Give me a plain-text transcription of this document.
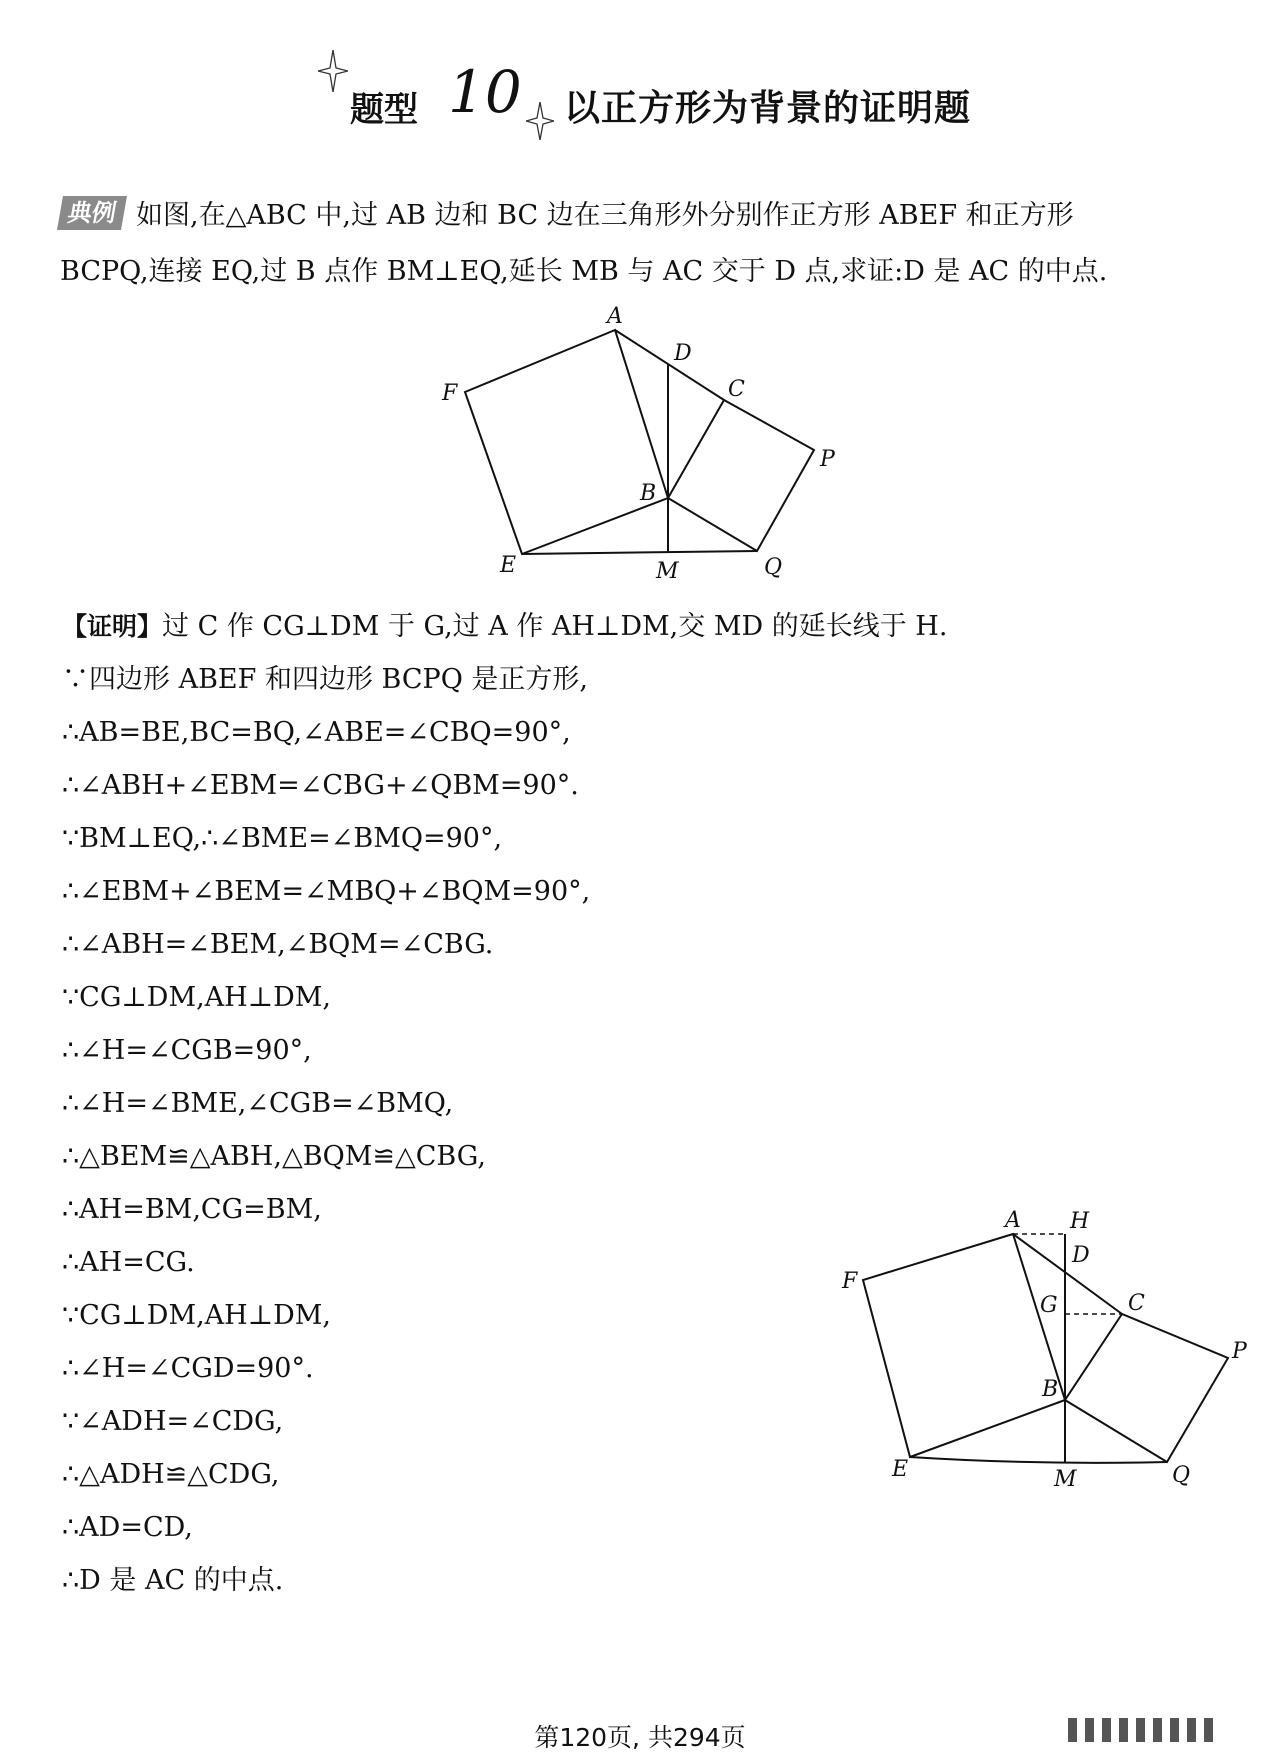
题型 10 以正方形为背景的证明题
典例 如图,在△ABC 中,过 AB 边和 BC 边在三角形外分别作正方形 ABEF 和正方形
BCPQ,连接 EQ,过 B 点作 BM⊥EQ,延长 MB 与 AC 交于 D 点,求证:D 是 AC 的中点.
A
D
C
F
P
B
E	M	Q
【证明】过 C 作 CG⊥DM 于 G,过 A 作 AH⊥DM,交 MD 的延长线于 H.
∵四边形 ABEF 和四边形 BCPQ 是正方形,
∴AB=BE,BC=BQ,∠ABE=∠CBQ=90°,
∴∠ABH+∠EBM=∠CBG+∠QBM=90°.
∵BM⊥EQ,∴∠BME=∠BMQ=90°,
∴∠EBM+∠BEM=∠MBQ+∠BQM=90°,
∴∠ABH=∠BEM,∠BQM=∠CBG.
∵CG⊥DM,AH⊥DM,
∴∠H=∠CGB=90°,
∴∠H=∠BME,∠CGB=∠BMQ,
∴△BEM≌△ABH,△BQM≌△CBG,
∴AH=BM,CG=BM,
∴AH=CG.
∵CG⊥DM,AH⊥DM,
∴∠H=∠CGD=90°.
∵∠ADH=∠CDG,
∴△ADH≌△CDG,
∴AD=CD,
∴D 是 AC 的中点.
A H
D
G	C
F
P
B
E	M	Q
第120页, 共294页
